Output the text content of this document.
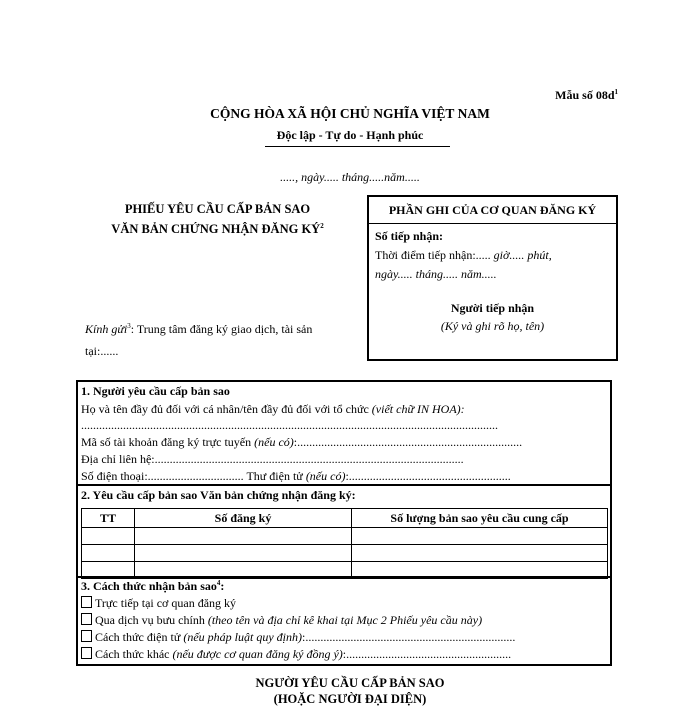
Mẫu số $08d^1$
CỘNG HÒA XÃ HỘI CHỦ NGHĨA VIỆT NAM
Độc lập - Tự do - Hạnh phúc
....., ngày..... tháng.....năm.....
PHIẾU YÊU CẦU CẤP BẢN SAO
VĂN BẢN CHỨNG NHẬN ĐĂNG $KÝ^2$
PHẦN GHI CỦA CƠ QUAN ĐĂNG KÝ
Số tiếp nhận:
Thời điểm tiếp nhận:..... giờ..... phút,
ngày..... tháng..... năm.....
Người tiếp nhận
(Ký và ghi rõ họ, tên)
Kính gửi$^3$: Trung tâm đăng ký giao dịch, tài sản
tại:......
1. Người yêu cầu cấp bản sao
Họ và tên đầy đủ đối với cá nhân/tên đầy đủ đối với tổ chức (viết chữ IN HOA):
...........................................................................................................................................
Mã số tài khoản đăng ký trực tuyến (nếu có):...........................................................................
Địa chỉ liên hệ:.......................................................................................................
Số điện thoại:................................ Thư điện tử (nếu có):......................................................
2. Yêu cầu cấp bản sao Văn bản chứng nhận đăng ký:
TT	Số đăng ký	Số lượng bản sao yêu cầu cung cấp

3. Cách thức nhận bản sao$^4$:
Trực tiếp tại cơ quan đăng ký
Qua dịch vụ bưu chính (theo tên và địa chỉ kê khai tại Mục 2 Phiếu yêu cầu này)
Cách thức điện tử (nếu pháp luật quy định):......................................................................
Cách thức khác (nếu được cơ quan đăng ký đồng ý):.......................................................
NGƯỜI YÊU CẦU CẤP BẢN SAO
(HOẶC NGƯỜI ĐẠI DIỆN)
